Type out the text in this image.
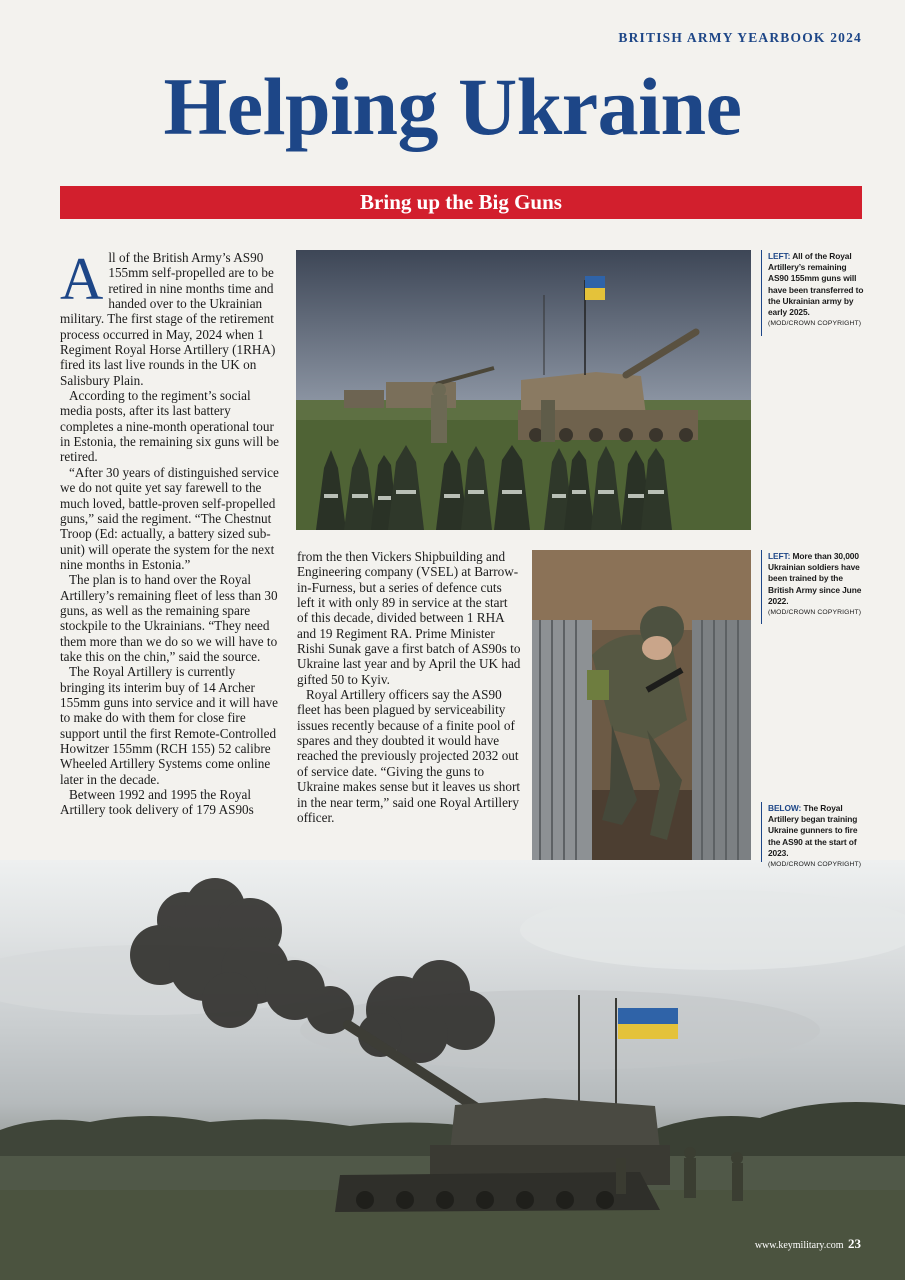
BRITISH ARMY YEARBOOK 2024
Helping Ukraine
Bring up the Big Guns

All of the British Army’s AS90 155mm self-propelled are to be retired in nine months time and handed over to the Ukrainian military. The first stage of the retirement process occurred in May, 2024 when 1 Regiment Royal Horse Artillery (1RHA) fired its last live rounds in the UK on Salisbury Plain.

According to the regiment’s social media posts, after its last battery completes a nine-month operational tour in Estonia, the remaining six guns will be retired.

“After 30 years of distinguished service we do not quite yet say farewell to the much loved, battle-proven self-propelled guns,” said the regiment. “The Chestnut Troop (Ed: actually, a battery sized sub-unit) will operate the system for the next nine months in Estonia.”

The plan is to hand over the Royal Artillery’s remaining fleet of less than 30 guns, as well as the remaining spare stockpile to the Ukrainians. “They need them more than we do so we will have to take this on the chin,” said the source.

The Royal Artillery is currently bringing its interim buy of 14 Archer 155mm guns into service and it will have to make do with them for close fire support until the first Remote-Controlled Howitzer 155mm (RCH 155) 52 calibre Wheeled Artillery Systems come online later in the decade.

Between 1992 and 1995 the Royal Artillery took delivery of 179 AS90s

from the then Vickers Shipbuilding and Engineering company (VSEL) at Barrow-in-Furness, but a series of defence cuts left it with only 89 in service at the start of this decade, divided between 1 RHA and 19 Regiment RA. Prime Minister Rishi Sunak gave a first batch of AS90s to Ukraine last year and by April the UK had gifted 50 to Kyiv.

Royal Artillery officers say the AS90 fleet has been plagued by serviceability issues recently because of a finite pool of spares and they doubted it would have reached the previously projected 2032 out of service date. “Giving the guns to Ukraine makes sense but it leaves us short in the near term,” said one Royal Artillery officer.

LEFT: All of the Royal Artillery’s remaining AS90 155mm guns will have been transferred to the Ukrainian army by early 2025.
(MOD/CROWN COPYRIGHT)
LEFT: More than 30,000 Ukrainian soldiers have been trained by the British Army since June 2022.
(MOD/CROWN COPYRIGHT)
BELOW: The Royal Artillery began training Ukraine gunners to fire the AS90 at the start of 2023.
(MOD/CROWN COPYRIGHT)
www.keymilitary.com 23
